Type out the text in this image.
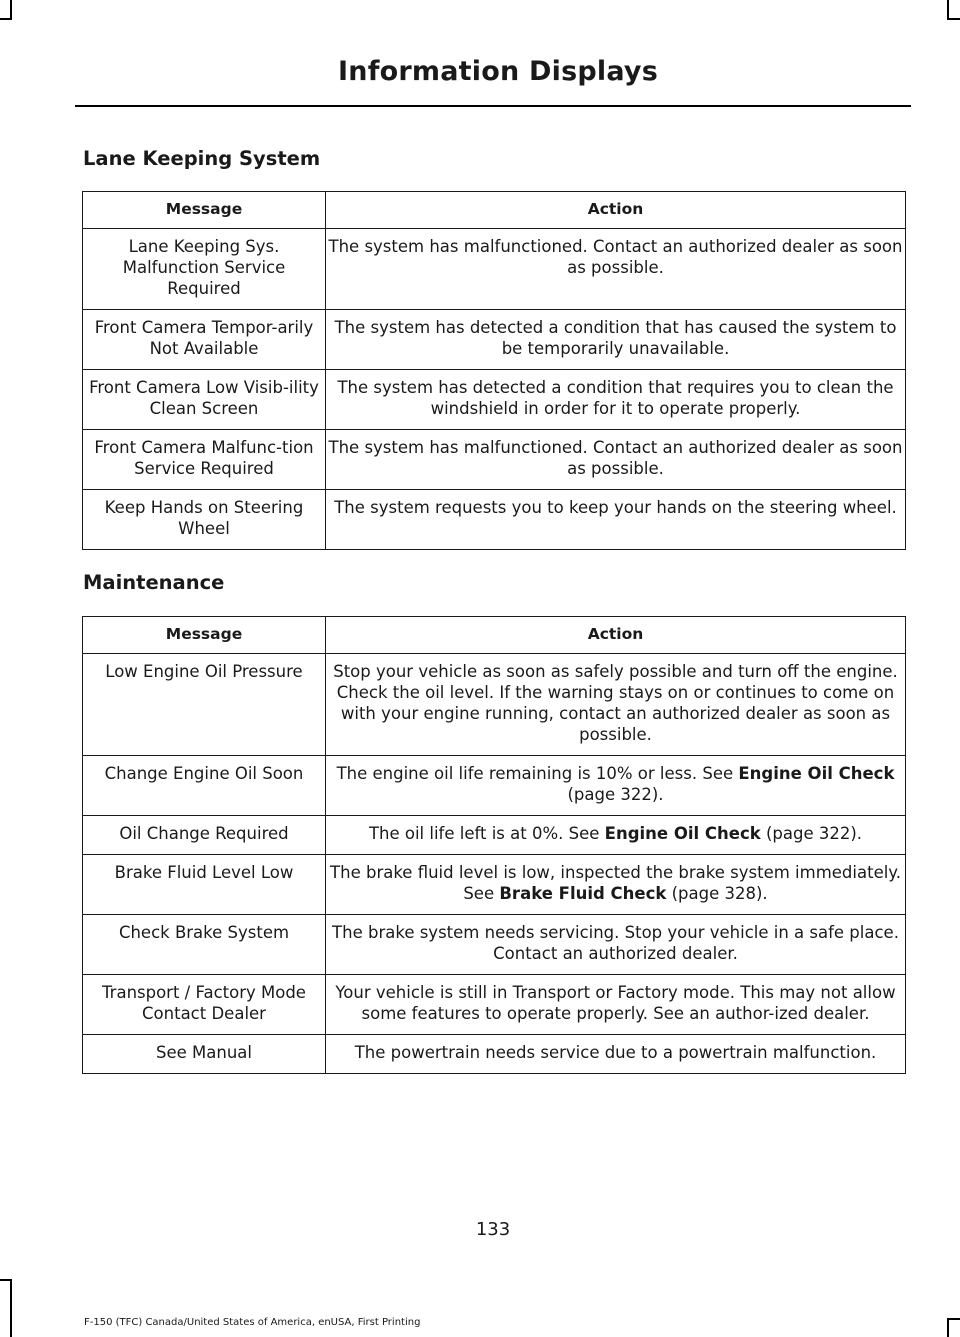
Information Displays
Lane Keeping System
Message	Action
Lane Keeping Sys. Malfunction Service Required	The system has malfunctioned. Contact an authorized dealer as soon as possible.
Front Camera Tempor-arily Not Available	The system has detected a condition that has caused the system to be temporarily unavailable.
Front Camera Low Visib-ility Clean Screen	The system has detected a condition that requires you to clean the windshield in order for it to operate properly.
Front Camera Malfunc-tion Service Required	The system has malfunctioned. Contact an authorized dealer as soon as possible.
Keep Hands on Steering Wheel	The system requests you to keep your hands on the steering wheel.
Maintenance
Message	Action
Low Engine Oil Pressure	Stop your vehicle as soon as safely possible and turn off the engine. Check the oil level. If the warning stays on or continues to come on with your engine running, contact an authorized dealer as soon as possible.
Change Engine Oil Soon	The engine oil life remaining is 10% or less. See Engine Oil Check (page 322).
Oil Change Required	The oil life left is at 0%. See Engine Oil Check (page 322).
Brake Fluid Level Low	The brake fluid level is low, inspected the brake system immediately. See Brake Fluid Check (page 328).
Check Brake System	The brake system needs servicing. Stop your vehicle in a safe place. Contact an authorized dealer.
Transport / Factory Mode Contact Dealer	Your vehicle is still in Transport or Factory mode. This may not allow some features to operate properly. See an author-ized dealer.
See Manual	The powertrain needs service due to a powertrain malfunction.
133
F-150 (TFC) Canada/United States of America, enUSA, First Printing
